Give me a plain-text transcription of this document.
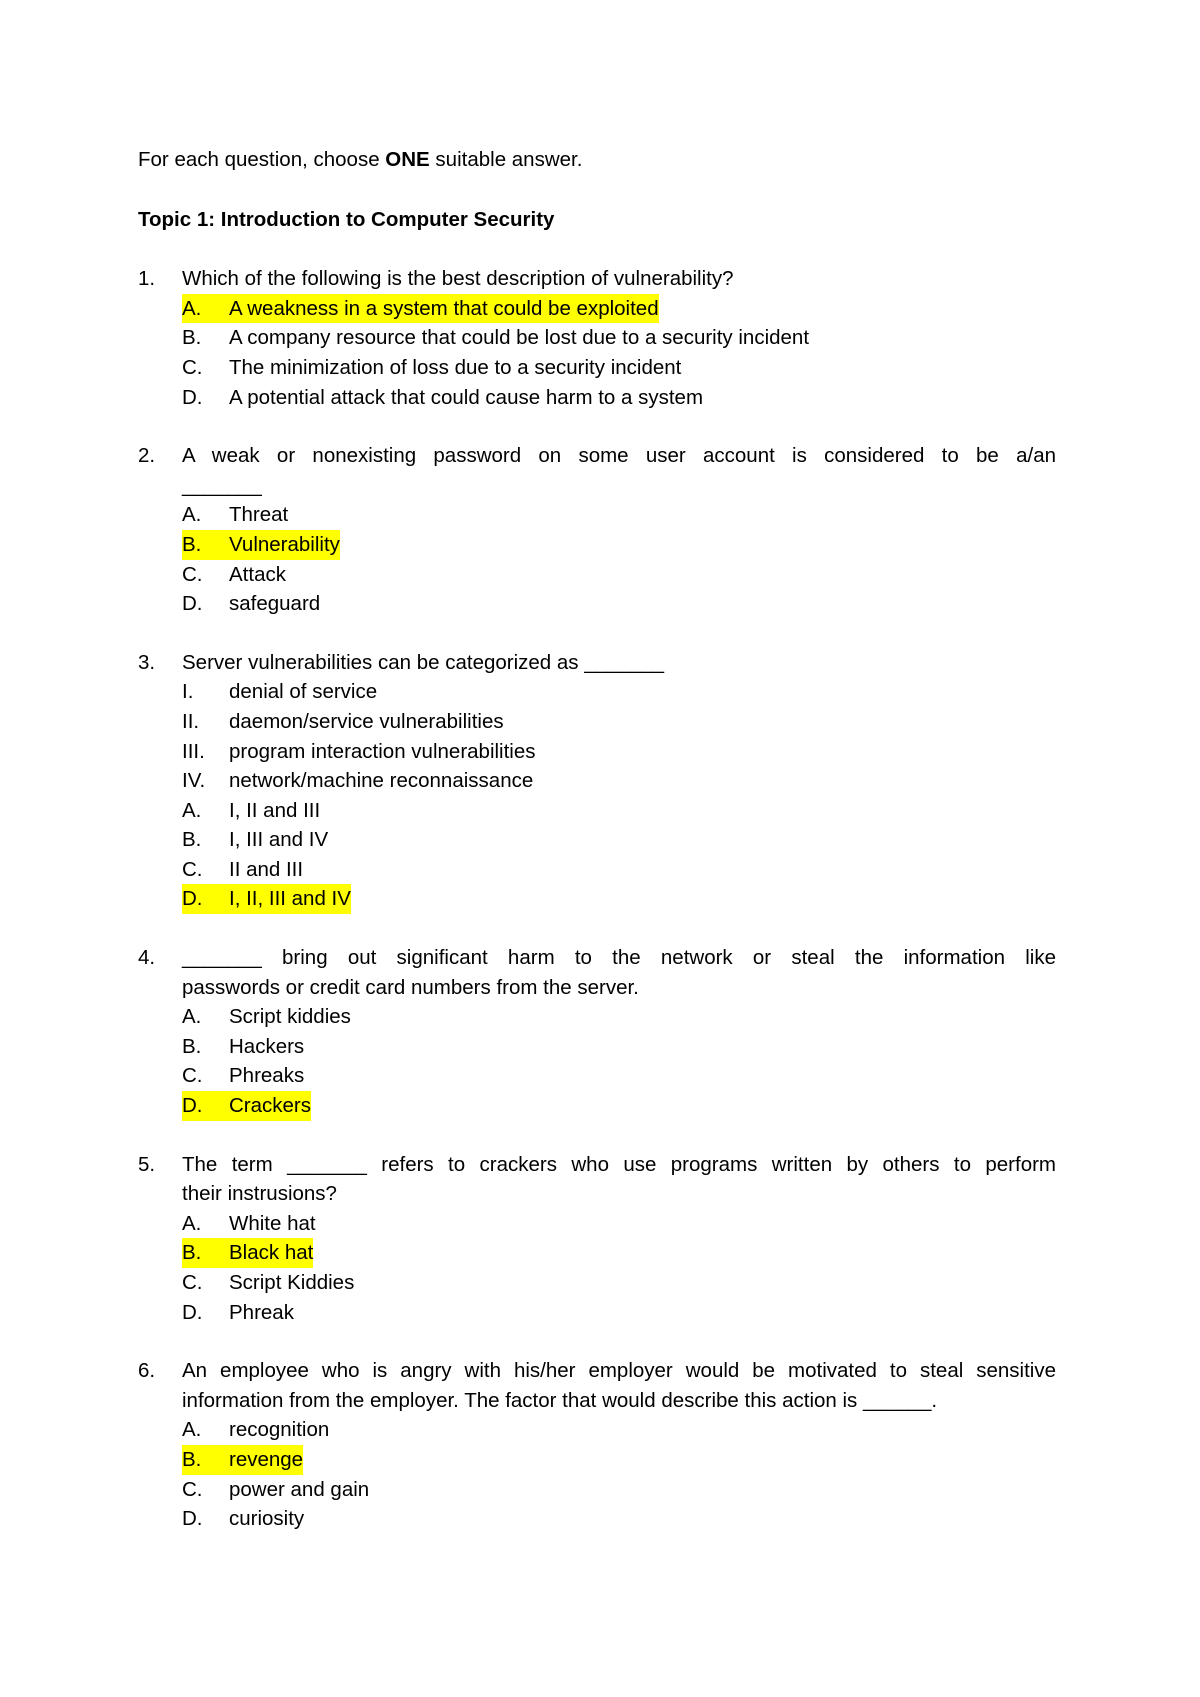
For each question, choose ONE suitable answer.
Topic 1: Introduction to Computer Security
1.	Which of the following is the best description of vulnerability?
A.	A weakness in a system that could be exploited
B.	A company resource that could be lost due to a security incident
C.	The minimization of loss due to a security incident
D.	A potential attack that could cause harm to a system
2.	A weak or nonexisting password on some user account is considered to be a/an
_______
A.	Threat
B.	Vulnerability
C.	Attack
D.	safeguard
3.	Server vulnerabilities can be categorized as _______
I.	denial of service
II.	daemon/service vulnerabilities
III.	program interaction vulnerabilities
IV.	network/machine reconnaissance
A.	I, II and III
B.	I, III and IV
C.	II and III
D.	I, II, III and IV
4.	_______ bring out significant harm to the network or steal the information like
passwords or credit card numbers from the server.
A.	Script kiddies
B.	Hackers
C.	Phreaks
D.	Crackers
5.	The term _______ refers to crackers who use programs written by others to perform
their instrusions?
A.	White hat
B.	Black hat
C.	Script Kiddies
D.	Phreak
6.	An employee who is angry with his/her employer would be motivated to steal sensitive
information from the employer. The factor that would describe this action is ______.
A.	recognition
B.	revenge
C.	power and gain
D.	curiosity
